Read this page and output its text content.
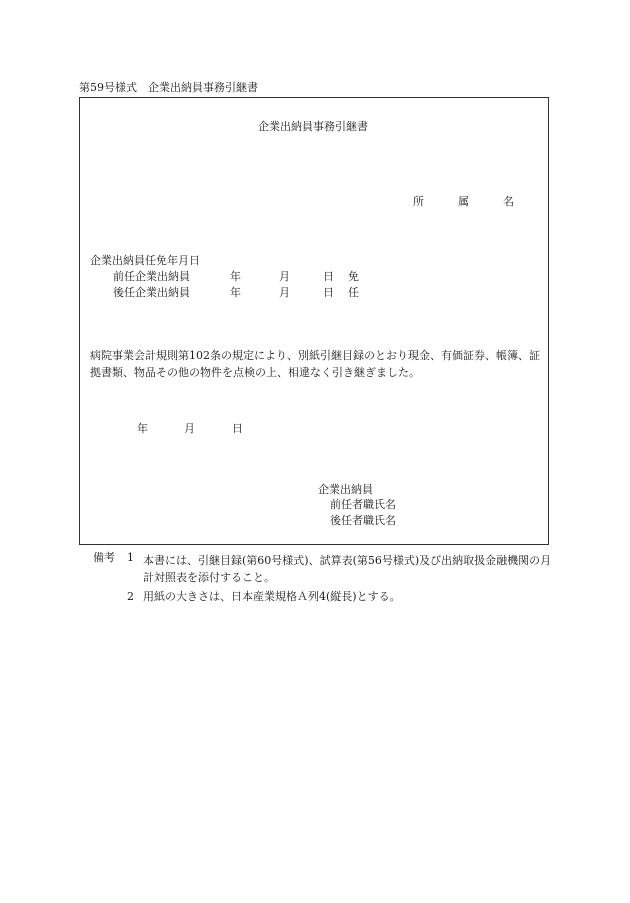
第59号様式　企業出納員事務引継書
企業出納員事務引継書
所	属	名
企業出納員任免年月日
前任企業出納員	年	月	日 免
後任企業出納員	年	月	日 任
病院事業会計規則第102条の規定により、別紙引継目録のとおり現金、有価証券、帳簿、証拠書類、物品その他の物件を点検の上、相違なく引き継ぎました。
年	月	日
企業出納員
前任者職氏名
後任者職氏名
備考 1 本書には、引継目録(第60号様式)、試算表(第56号様式)及び出納取扱金融機関の月計対照表を添付すること。
2 用紙の大きさは、日本産業規格Ａ列4(縦長)とする。
